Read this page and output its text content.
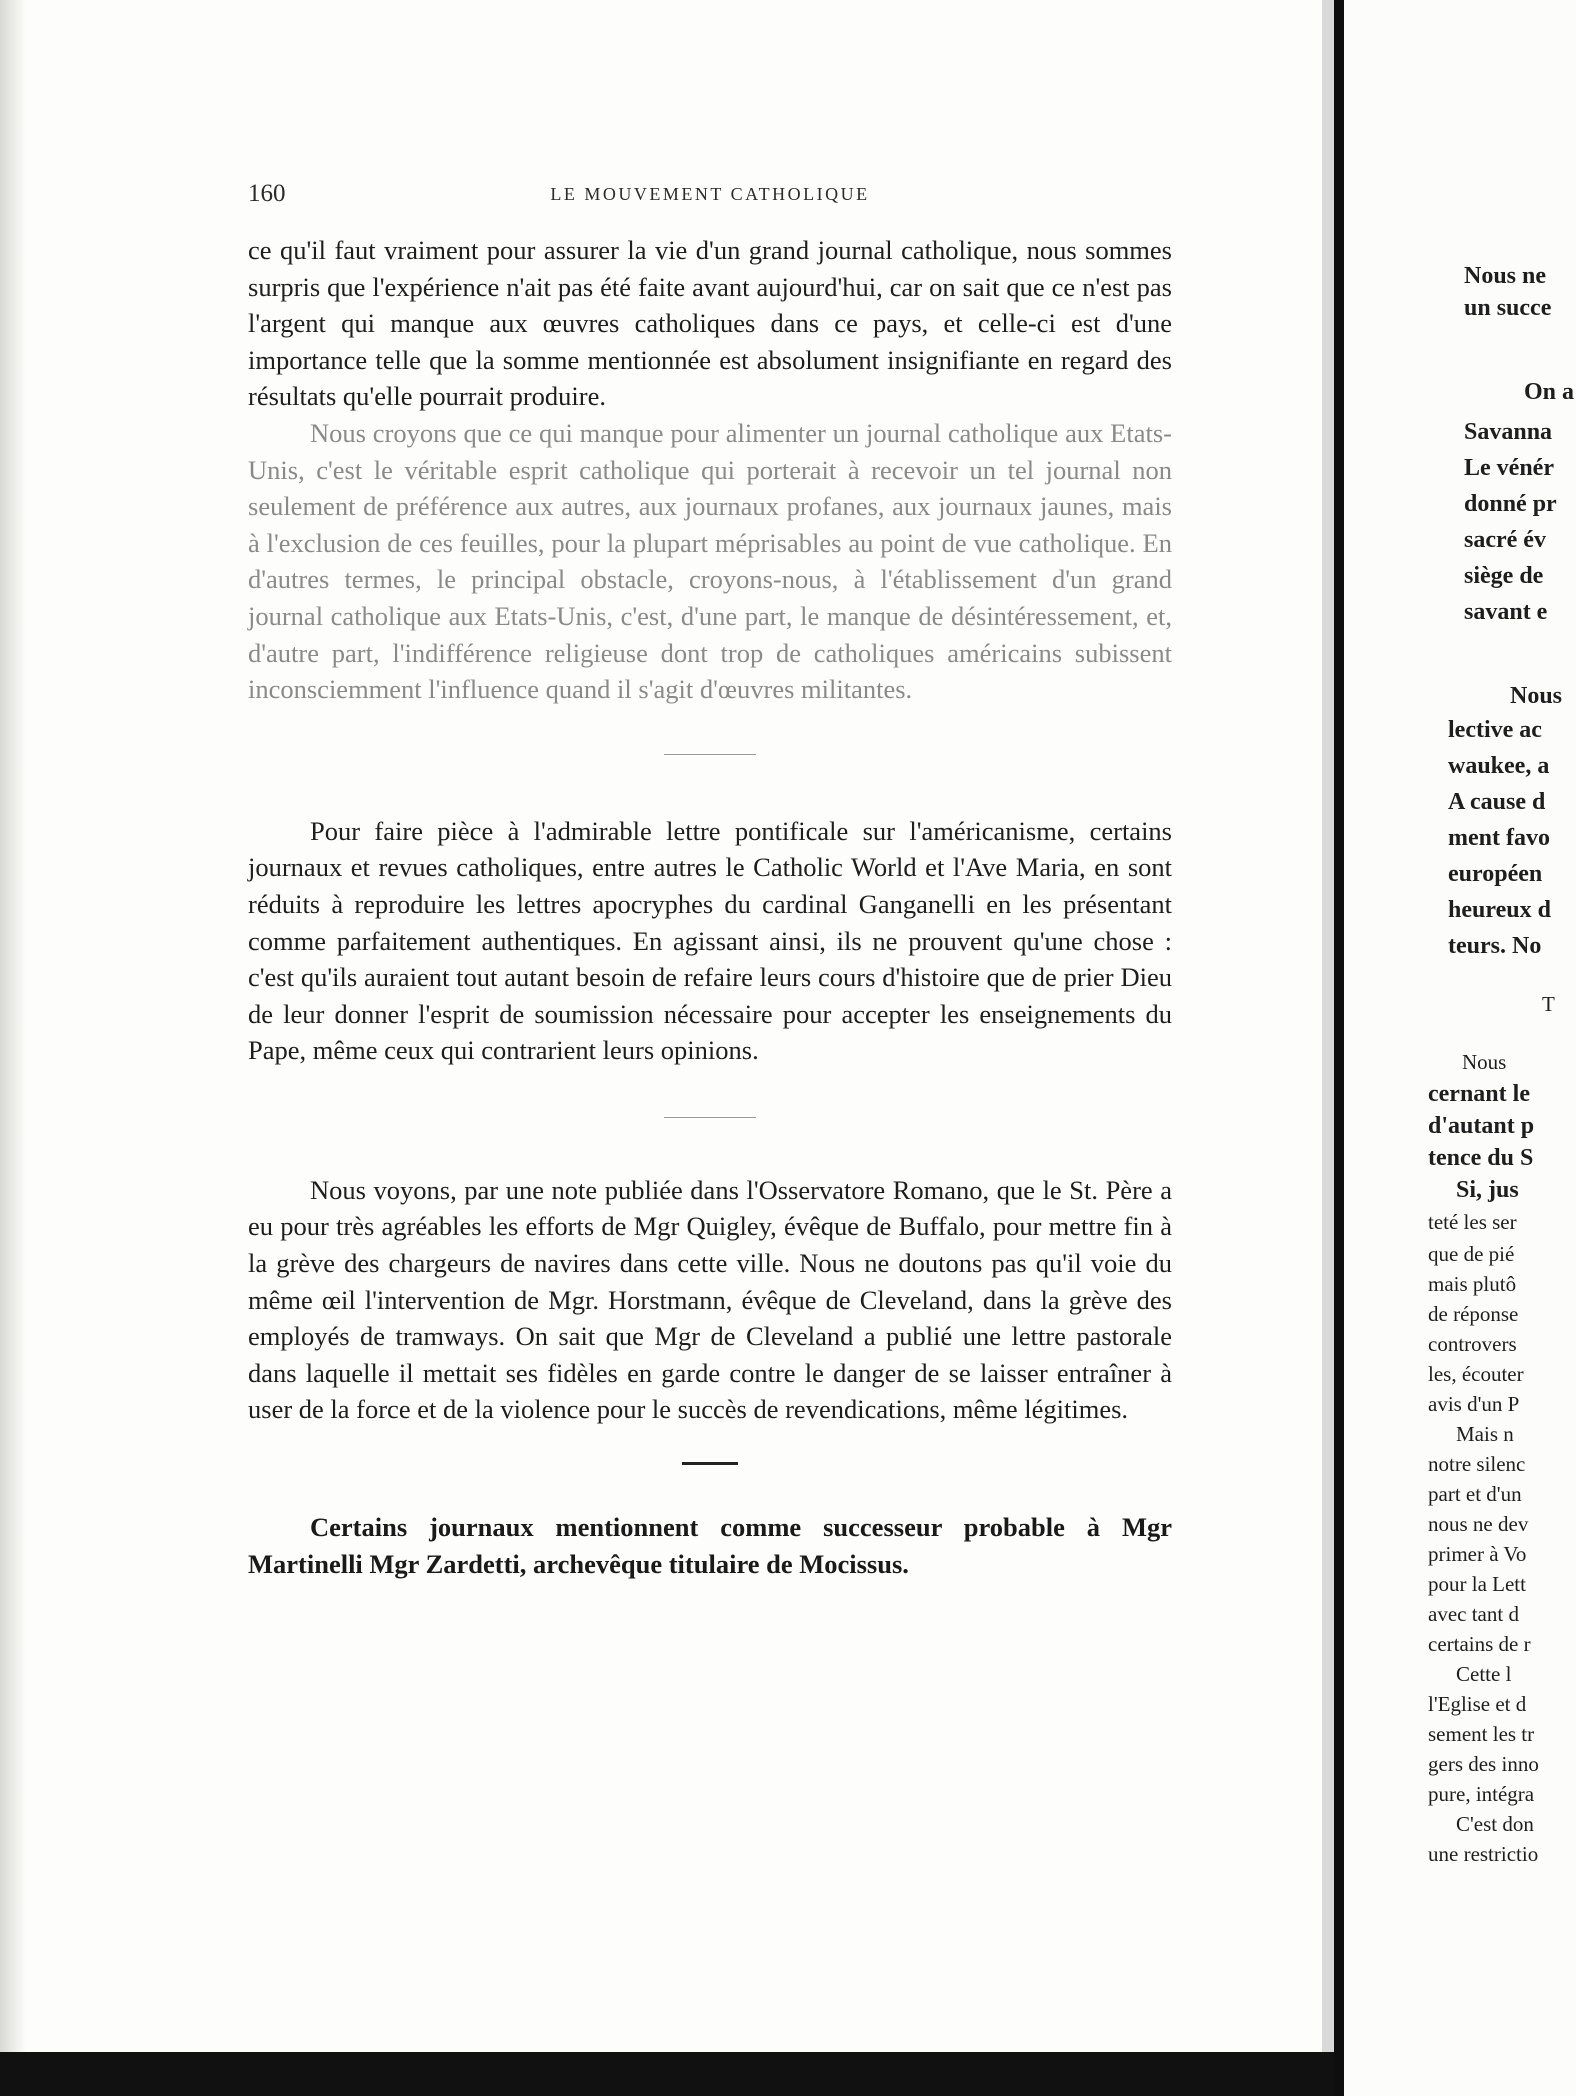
160	LE MOUVEMENT CATHOLIQUE

ce qu'il faut vraiment pour assurer la vie d'un grand journal catholique, nous sommes surpris que l'expérience n'ait pas été faite avant aujourd'hui, car on sait que ce n'est pas l'argent qui manque aux œuvres catholiques dans ce pays, et celle-ci est d'une importance telle que la somme mentionnée est absolument insignifiante en regard des résultats qu'elle pourrait produire.

Nous croyons que ce qui manque pour alimenter un journal catholique aux Etats-Unis, c'est le véritable esprit catholique qui porterait à recevoir un tel journal non seulement de préférence aux autres, aux journaux profanes, aux journaux jaunes, mais à l'exclusion de ces feuilles, pour la plupart méprisables au point de vue catholique. En d'autres termes, le principal obstacle, croyons-nous, à l'établissement d'un grand journal catholique aux Etats-Unis, c'est, d'une part, le manque de désintéressement, et, d'autre part, l'indifférence religieuse dont trop de catholiques américains subissent inconsciemment l'influence quand il s'agit d'œuvres militantes.

Pour faire pièce à l'admirable lettre pontificale sur l'américanisme, certains journaux et revues catholiques, entre autres le Catholic World et l'Ave Maria, en sont réduits à reproduire les lettres apocryphes du cardinal Ganganelli en les présentant comme parfaitement authentiques. En agissant ainsi, ils ne prouvent qu'une chose : c'est qu'ils auraient tout autant besoin de refaire leurs cours d'histoire que de prier Dieu de leur donner l'esprit de soumission nécessaire pour accepter les enseignements du Pape, même ceux qui contrarient leurs opinions.

Nous voyons, par une note publiée dans l'Osservatore Romano, que le St. Père a eu pour très agréables les efforts de Mgr Quigley, évêque de Buffalo, pour mettre fin à la grève des chargeurs de navires dans cette ville. Nous ne doutons pas qu'il voie du même œil l'intervention de Mgr. Horstmann, évêque de Cleveland, dans la grève des employés de tramways. On sait que Mgr de Cleveland a publié une lettre pastorale dans laquelle il mettait ses fidèles en garde contre le danger de se laisser entraîner à user de la force et de la violence pour le succès de revendications, même légitimes.

Certains journaux mentionnent comme successeur probable à Mgr Martinelli Mgr Zardetti, archevêque titulaire de Mocissus.

Nous ne
un succe
On a
Savanna
Le vénér
donné pr
sacré év
siège de
savant e
Nous
lective ac
waukee, a
A cause d
ment favo
européen
heureux d
teurs. No
T
Nous
cernant le
d'autant p
tence du S
Si, jus
teté les ser
que de pié
mais plutô
de réponse
controvers
les, écouter
avis d'un P
Mais n
notre silenc
part et d'un
nous ne dev
primer à Vo
pour la Lett
avec tant d
certains de r
Cette l
l'Eglise et d
sement les tr
gers des inno
pure, intégra
C'est don
une restrictio
